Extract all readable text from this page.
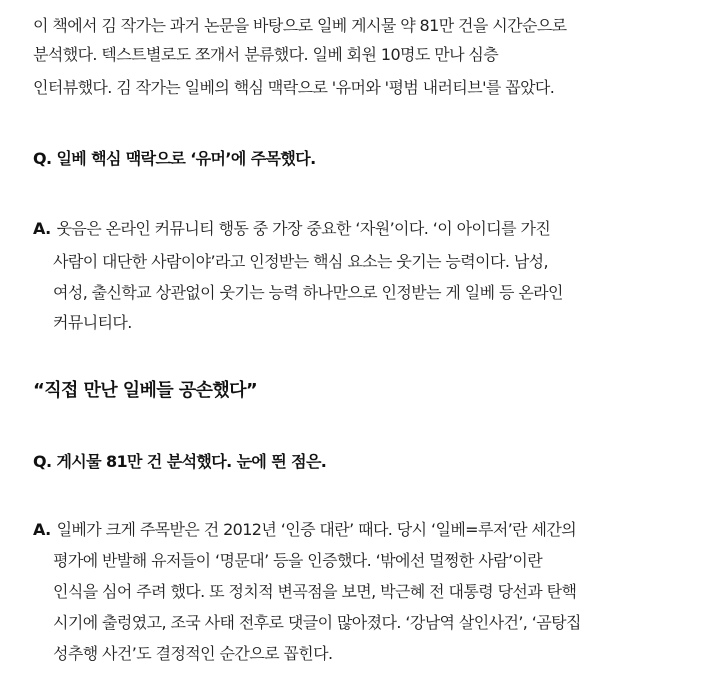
이 책에서 김 작가는 과거 논문을 바탕으로 일베 게시물 약 81만 건을 시간순으로
분석했다. 텍스트별로도 쪼개서 분류했다. 일베 회원 10명도 만나 심층
인터뷰했다. 김 작가는 일베의 핵심 맥락으로 '유머와 '평범 내러티브'를 꼽았다.
Q. 일베 핵심 맥락으로 ‘유머’에 주목했다.
A. 웃음은 온라인 커뮤니티 행동 중 가장 중요한 ‘자원’이다. ‘이 아이디를 가진
사람이 대단한 사람이야’라고 인정받는 핵심 요소는 웃기는 능력이다. 남성,
여성, 출신학교 상관없이 웃기는 능력 하나만으로 인정받는 게 일베 등 온라인
커뮤니티다.
“직접 만난 일베들 공손했다”
Q. 게시물 81만 건 분석했다. 눈에 띈 점은.
A. 일베가 크게 주목받은 건 2012년 ‘인증 대란’ 때다. 당시 ‘일베=루저’란 세간의
평가에 반발해 유저들이 ‘명문대’ 등을 인증했다. ‘밖에선 멀쩡한 사람’이란
인식을 심어 주려 했다. 또 정치적 변곡점을 보면, 박근혜 전 대통령 당선과 탄핵
시기에 출렁였고, 조국 사태 전후로 댓글이 많아졌다. ‘강남역 살인사건’, ‘곰탕집
성추행 사건’도 결정적인 순간으로 꼽힌다.
